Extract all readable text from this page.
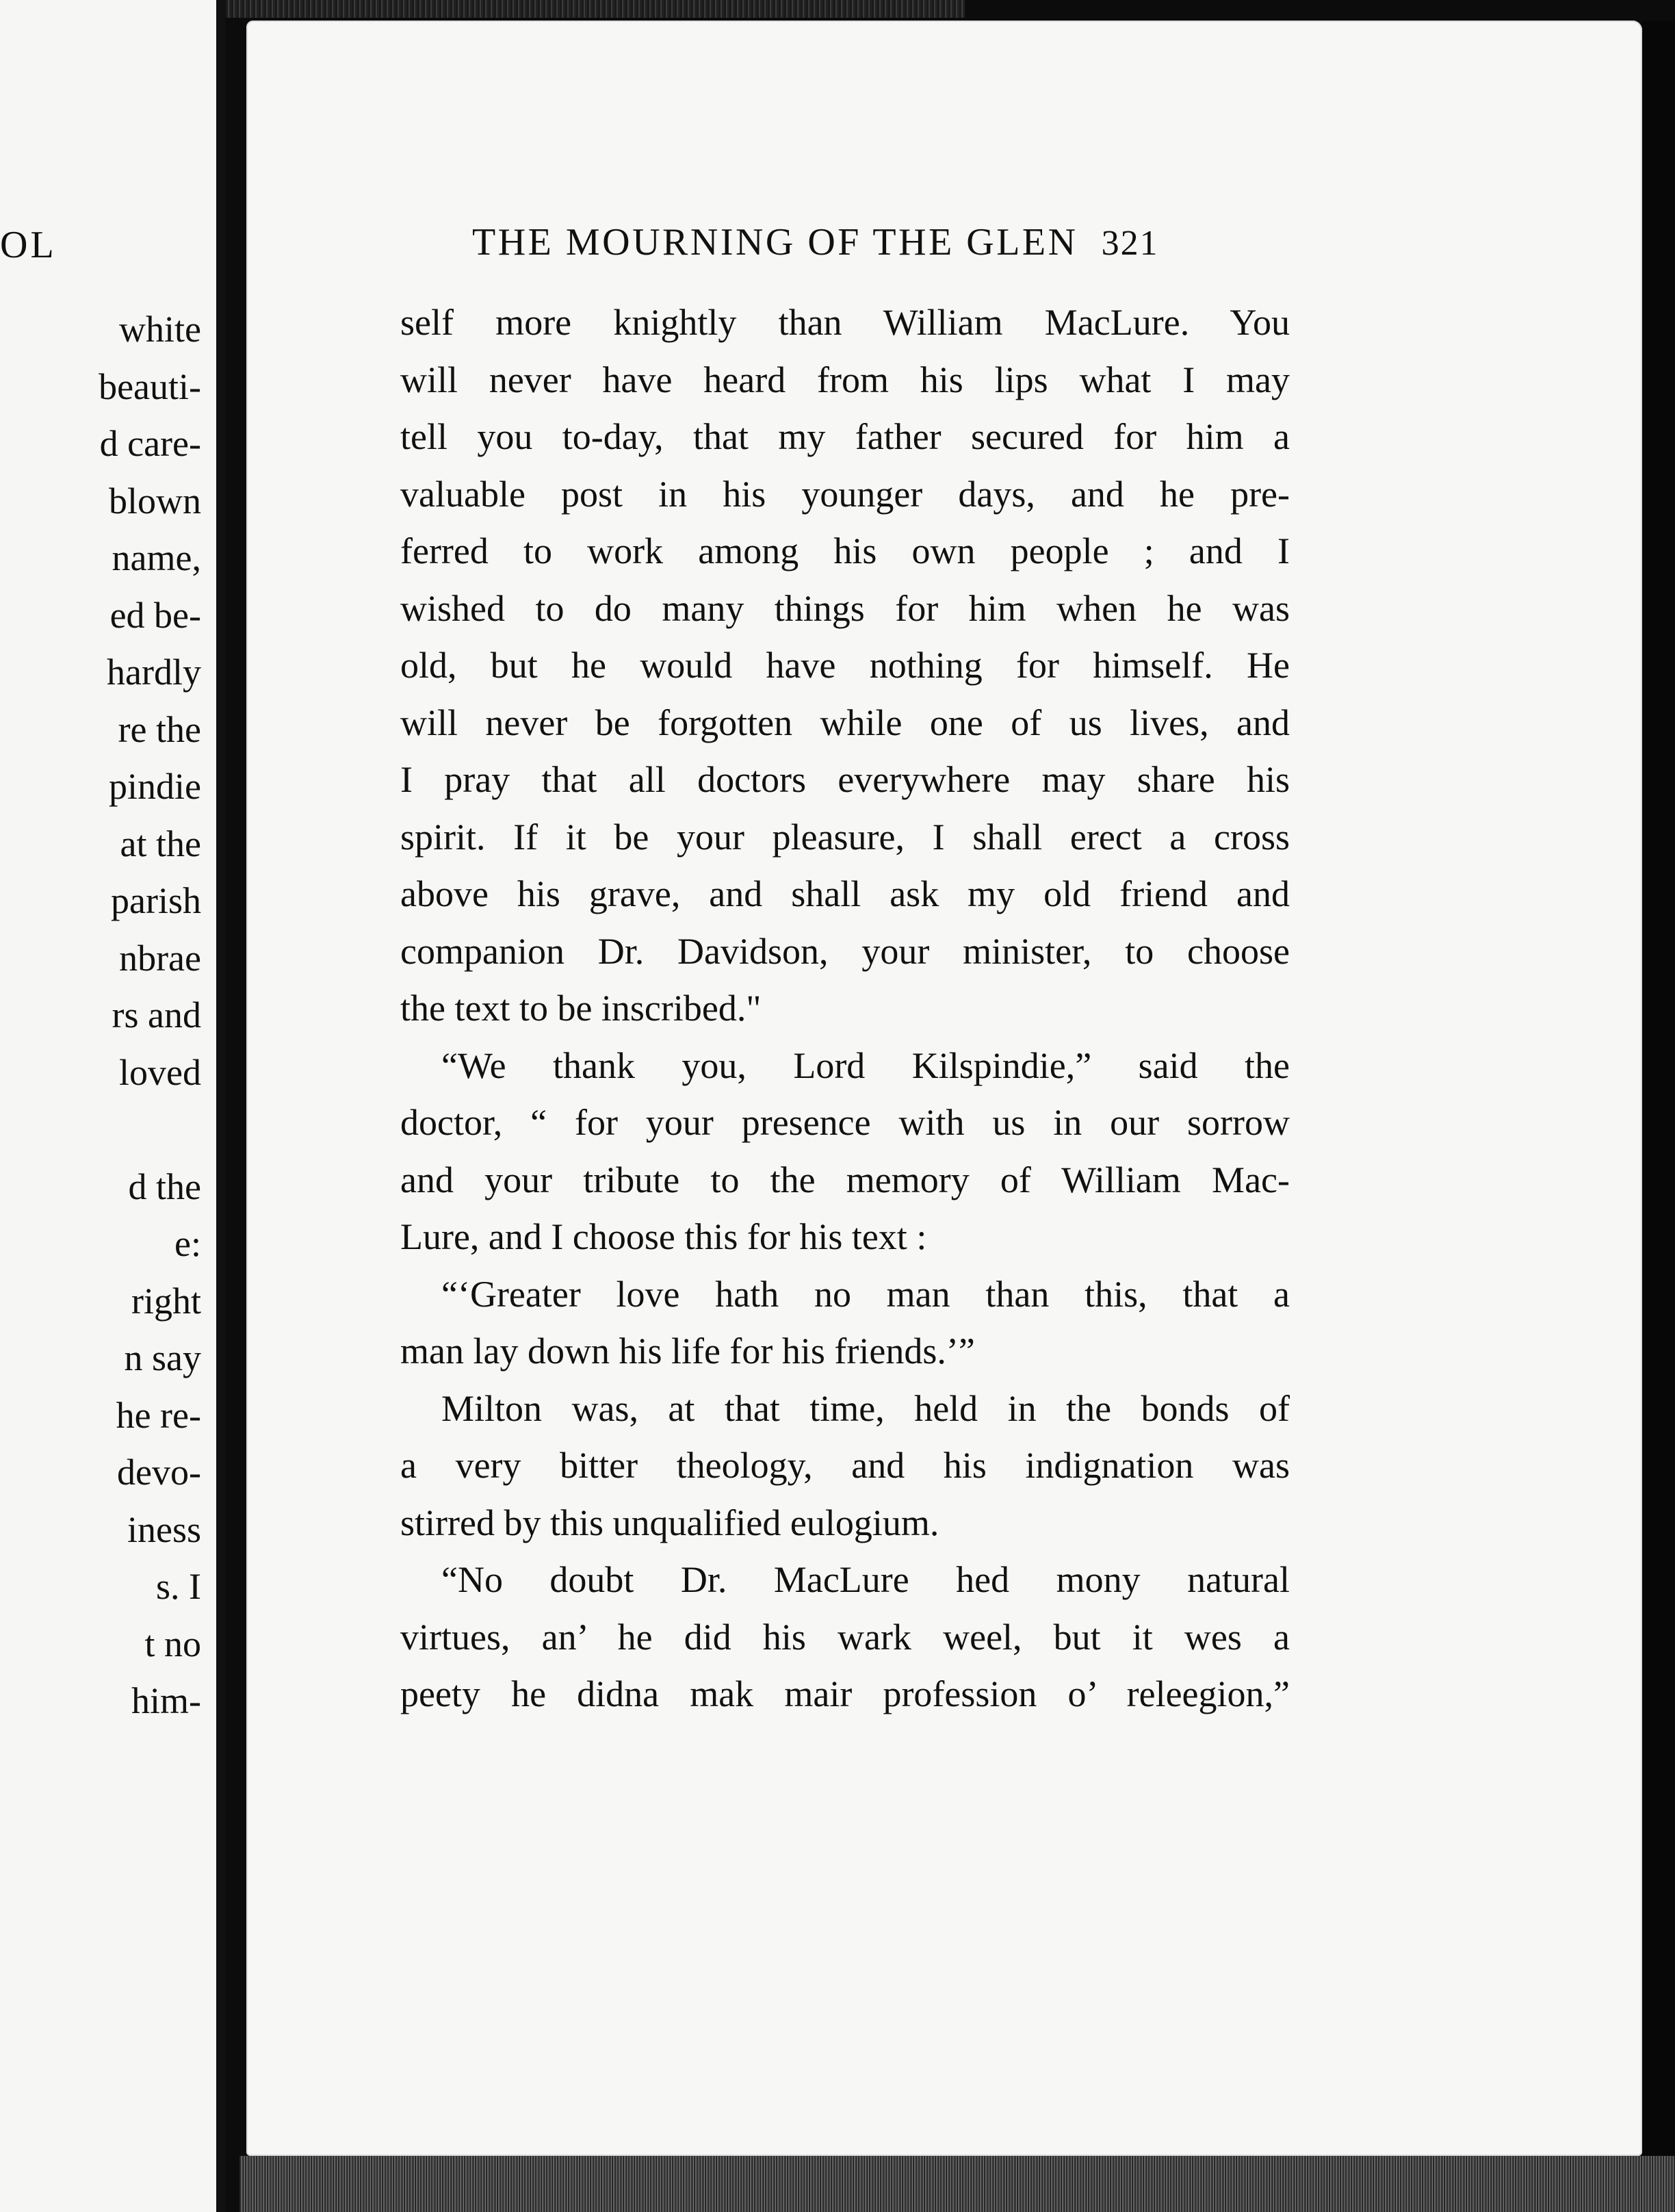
OL
white
beauti-
d care-
blown
name,
ed be-
hardly
re the
pindie
at the
parish
nbrae
rs and
loved
d the
e:
right
n say
he re-
devo-
iness
s. I
t no
him-
THE MOURNING OF THE GLEN 321
self more knightly than William MacLure. You
will never have heard from his lips what I may
tell you to-day, that my father secured for him a
valuable post in his younger days, and he pre-
ferred to work among his own people ; and I
wished to do many things for him when he was
old, but he would have nothing for himself. He
will never be forgotten while one of us lives, and
I pray that all doctors everywhere may share his
spirit. If it be your pleasure, I shall erect a cross
above his grave, and shall ask my old friend and
companion Dr. Davidson, your minister, to choose
the text to be inscribed."
“We thank you, Lord Kilspindie,” said the
doctor, “ for your presence with us in our sorrow
and your tribute to the memory of William Mac-
Lure, and I choose this for his text :
“‘Greater love hath no man than this, that a
man lay down his life for his friends.’”
Milton was, at that time, held in the bonds of
a very bitter theology, and his indignation was
stirred by this unqualified eulogium.
“No doubt Dr. MacLure hed mony natural
virtues, an’ he did his wark weel, but it wes a
peety he didna mak mair profession o’ releegion,”
